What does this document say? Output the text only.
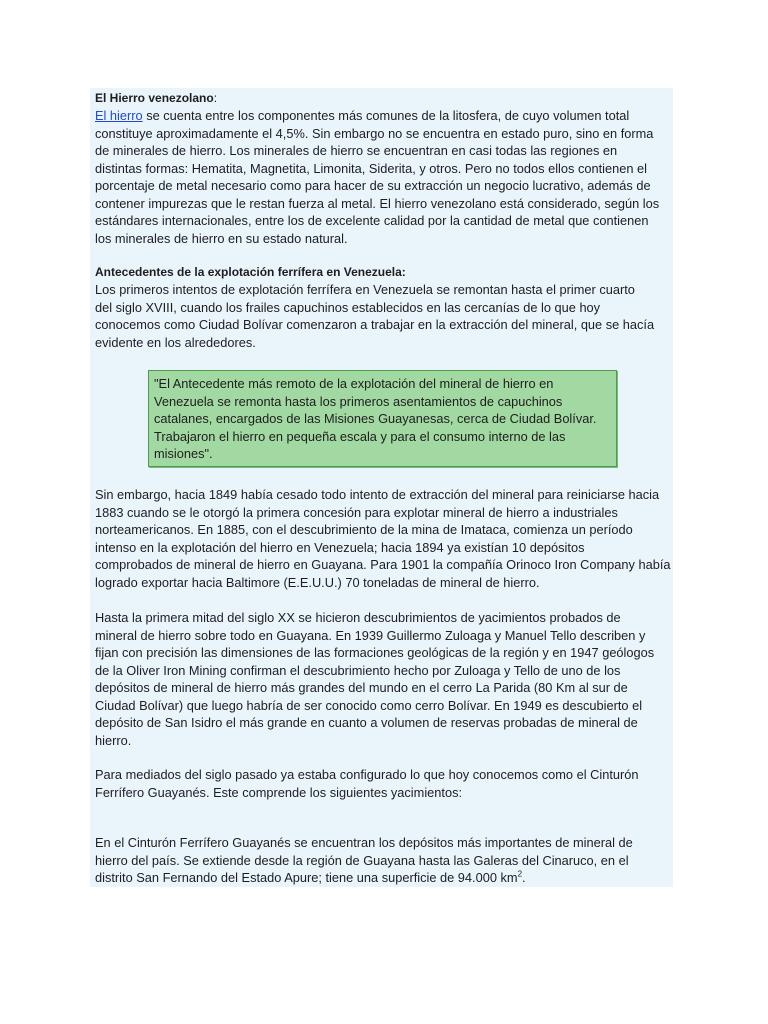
El Hierro venezolano:
El hierro se cuenta entre los componentes más comunes de la litosfera, de cuyo volumen total
constituye aproximadamente el 4,5%. Sin embargo no se encuentra en estado puro, sino en forma
de minerales de hierro. Los minerales de hierro se encuentran en casi todas las regiones en
distintas formas: Hematita, Magnetita, Limonita, Siderita, y otros. Pero no todos ellos contienen el
porcentaje de metal necesario como para hacer de su extracción un negocio lucrativo, además de
contener impurezas que le restan fuerza al metal. El hierro venezolano está considerado, según los
estándares internacionales, entre los de excelente calidad por la cantidad de metal que contienen
los minerales de hierro en su estado natural.
Antecedentes de la explotación ferrífera en Venezuela:
Los primeros intentos de explotación ferrífera en Venezuela se remontan hasta el primer cuarto
del siglo XVIII, cuando los frailes capuchinos establecidos en las cercanías de lo que hoy
conocemos como Ciudad Bolívar comenzaron a trabajar en la extracción del mineral, que se hacía
evidente en los alrededores.
"El Antecedente más remoto de la explotación del mineral de hierro en
Venezuela se remonta hasta los primeros asentamientos de capuchinos
catalanes, encargados de las Misiones Guayanesas, cerca de Ciudad Bolívar.
Trabajaron el hierro en pequeña escala y para el consumo interno de las
misiones".
Sin embargo, hacia 1849 había cesado todo intento de extracción del mineral para reiniciarse hacia
1883 cuando se le otorgó la primera concesión para explotar mineral de hierro a industriales
norteamericanos. En 1885, con el descubrimiento de la mina de Imataca, comienza un período
intenso en la explotación del hierro en Venezuela; hacia 1894 ya existían 10 depósitos
comprobados de mineral de hierro en Guayana. Para 1901 la compañía Orinoco Iron Company había
logrado exportar hacia Baltimore (E.E.U.U.) 70 toneladas de mineral de hierro.
Hasta la primera mitad del siglo XX se hicieron descubrimientos de yacimientos probados de
mineral de hierro sobre todo en Guayana. En 1939 Guillermo Zuloaga y Manuel Tello describen y
fijan con precisión las dimensiones de las formaciones geológicas de la región y en 1947 geólogos
de la Oliver Iron Mining confirman el descubrimiento hecho por Zuloaga y Tello de uno de los
depósitos de mineral de hierro más grandes del mundo en el cerro La Parida (80 Km al sur de
Ciudad Bolívar) que luego habría de ser conocido como cerro Bolívar. En 1949 es descubierto el
depósito de San Isidro el más grande en cuanto a volumen de reservas probadas de mineral de
hierro.
Para mediados del siglo pasado ya estaba configurado lo que hoy conocemos como el Cinturón
Ferrífero Guayanés. Este comprende los siguientes yacimientos:
En el Cinturón Ferrífero Guayanés se encuentran los depósitos más importantes de mineral de
hierro del país. Se extiende desde la región de Guayana hasta las Galeras del Cinaruco, en el
distrito San Fernando del Estado Apure; tiene una superficie de 94.000 $km^2$.
